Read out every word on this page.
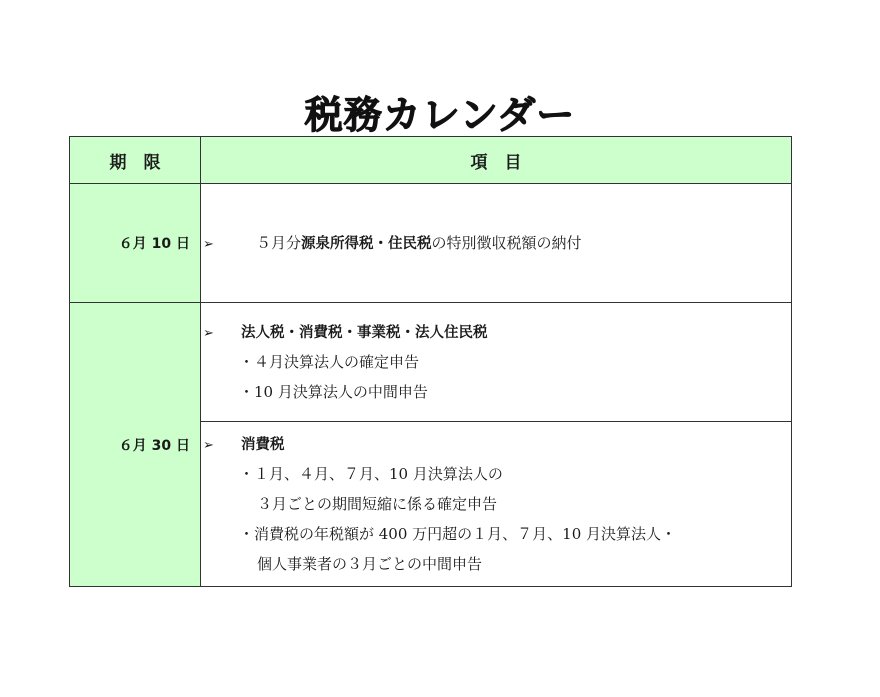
税務カレンダー
期　限	項　目
６月 10 日	➢　５月分源泉所得税・住民税の特別徴収税額の納付

６月 30 日	➢ 法人税・消費税・事業税・法人住民税
・４月決算法人の確定申告
・10 月決算法人の中間申告

	➢ 消費税
・１月、４月、７月、10 月決算法人の
３月ごとの期間短縮に係る確定申告
・消費税の年税額が 400 万円超の１月、７月、10 月決算法人・
個人事業者の３月ごとの中間申告
